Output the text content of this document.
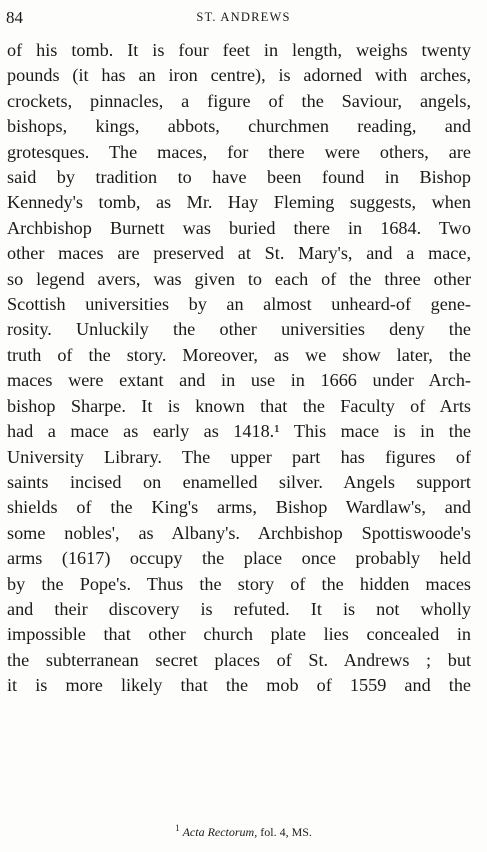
84	ST. ANDREWS
of his tomb. It is four feet in length, weighs twenty
pounds (it has an iron centre), is adorned with arches,
crockets, pinnacles, a figure of the Saviour, angels,
bishops, kings, abbots, churchmen reading, and
grotesques. The maces, for there were others, are
said by tradition to have been found in Bishop
Kennedy's tomb, as Mr. Hay Fleming suggests, when
Archbishop Burnett was buried there in 1684. Two
other maces are preserved at St. Mary's, and a mace,
so legend avers, was given to each of the three other
Scottish universities by an almost unheard-of gene-
rosity. Unluckily the other universities deny the
truth of the story. Moreover, as we show later, the
maces were extant and in use in 1666 under Arch-
bishop Sharpe. It is known that the Faculty of Arts
had a mace as early as 1418.¹ This mace is in the
University Library. The upper part has figures of
saints incised on enamelled silver. Angels support
shields of the King's arms, Bishop Wardlaw's, and
some nobles', as Albany's. Archbishop Spottiswoode's
arms (1617) occupy the place once probably held
by the Pope's. Thus the story of the hidden maces
and their discovery is refuted. It is not wholly
impossible that other church plate lies concealed in
the subterranean secret places of St. Andrews ; but
it is more likely that the mob of 1559 and the
$^1$ Acta Rectorum, fol. 4, MS.
